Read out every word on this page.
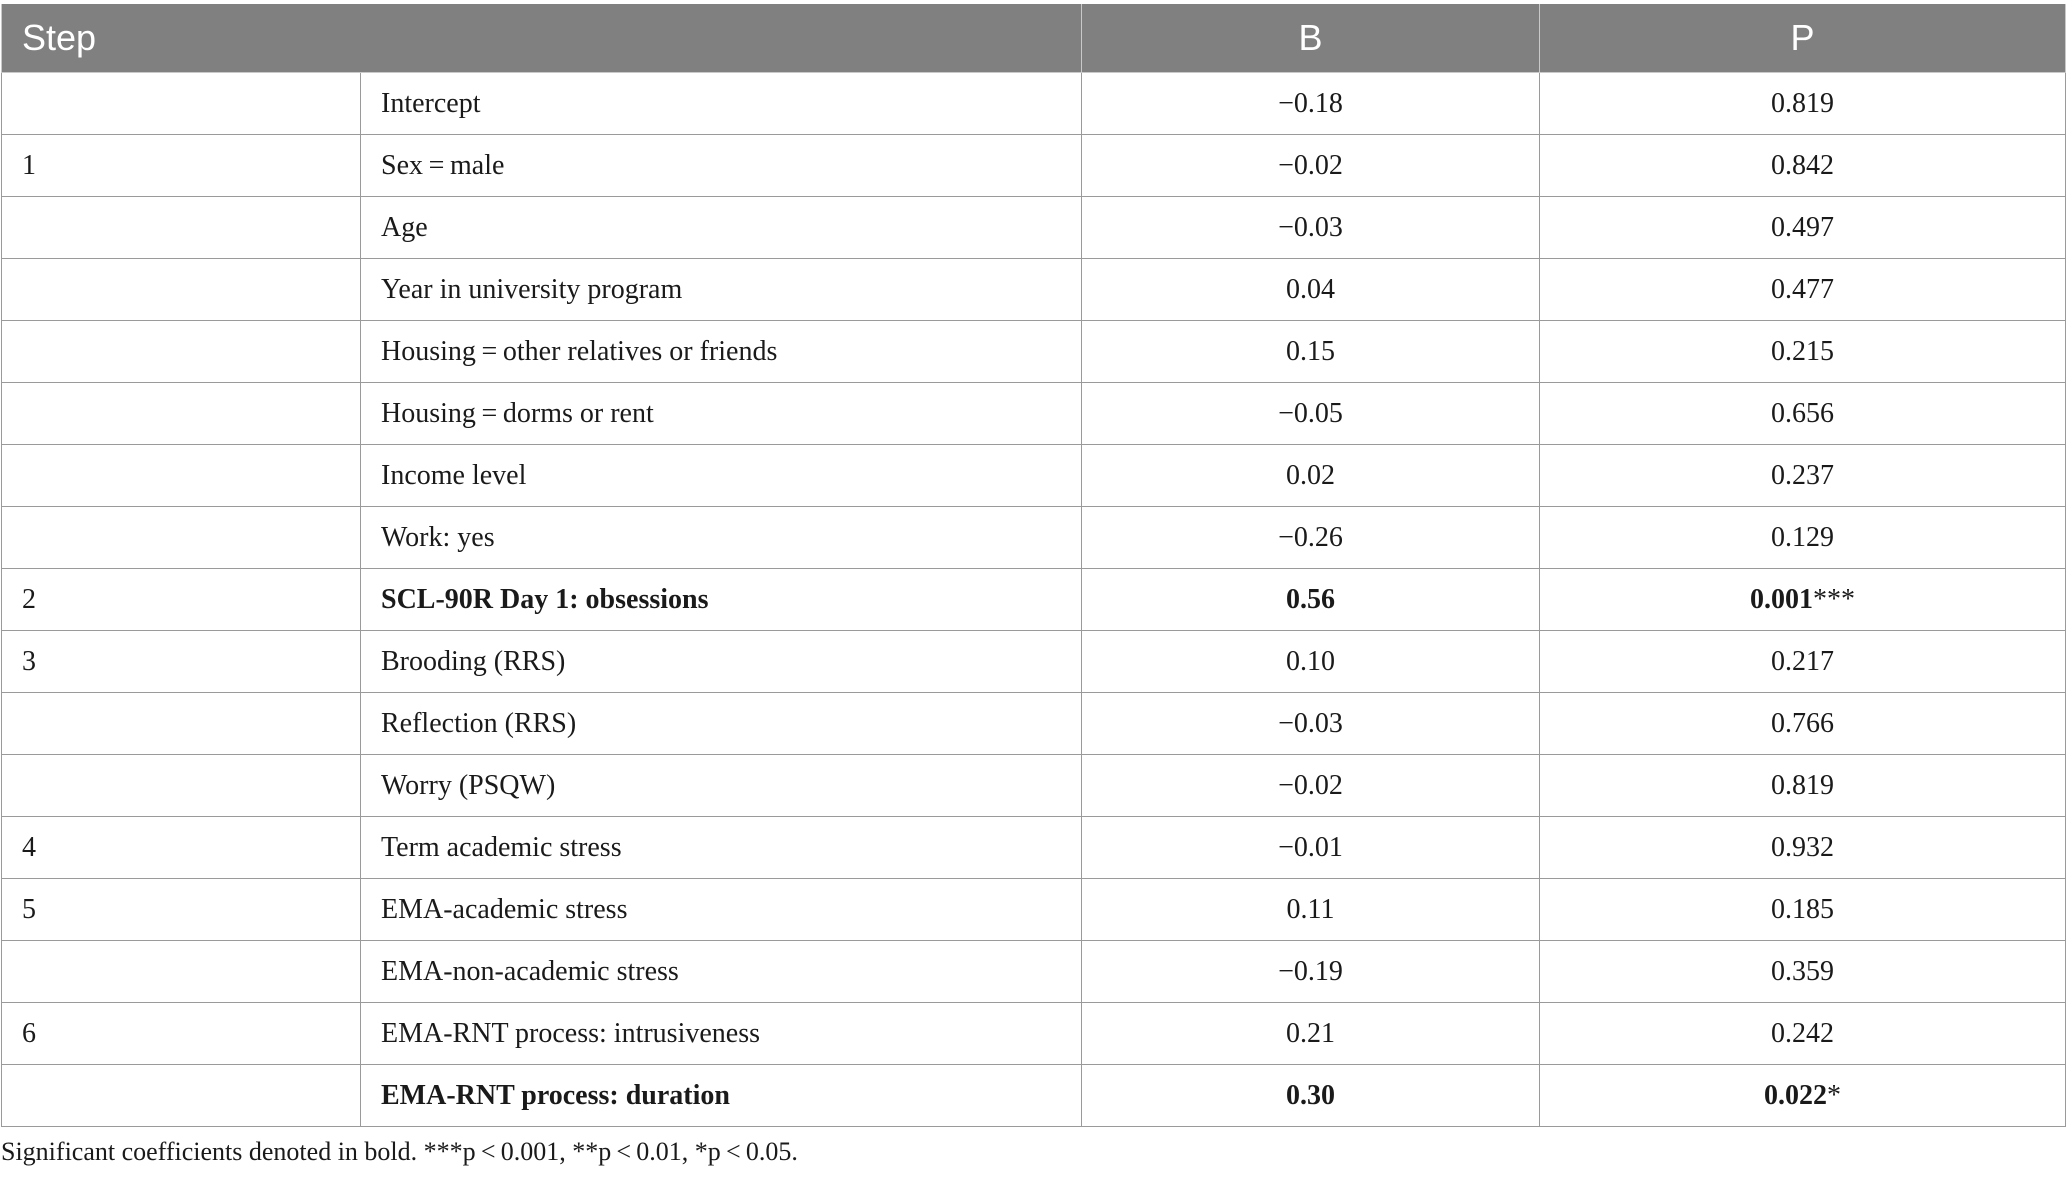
Step		B	P
	Intercept	−0.18	0.819
1	Sex = male	−0.02	0.842
	Age	−0.03	0.497
	Year in university program	0.04	0.477
	Housing = other relatives or friends	0.15	0.215
	Housing = dorms or rent	−0.05	0.656
	Income level	0.02	0.237
	Work: yes	−0.26	0.129
2	SCL-90R Day 1: obsessions	0.56	0.001***
3	Brooding (RRS)	0.10	0.217
	Reflection (RRS)	−0.03	0.766
	Worry (PSQW)	−0.02	0.819
4	Term academic stress	−0.01	0.932
5	EMA-academic stress	0.11	0.185
	EMA-non-academic stress	−0.19	0.359
6	EMA-RNT process: intrusiveness	0.21	0.242
	EMA-RNT process: duration	0.30	0.022*
Significant coefficients denoted in bold. ***p < 0.001, **p < 0.01, *p < 0.05.
